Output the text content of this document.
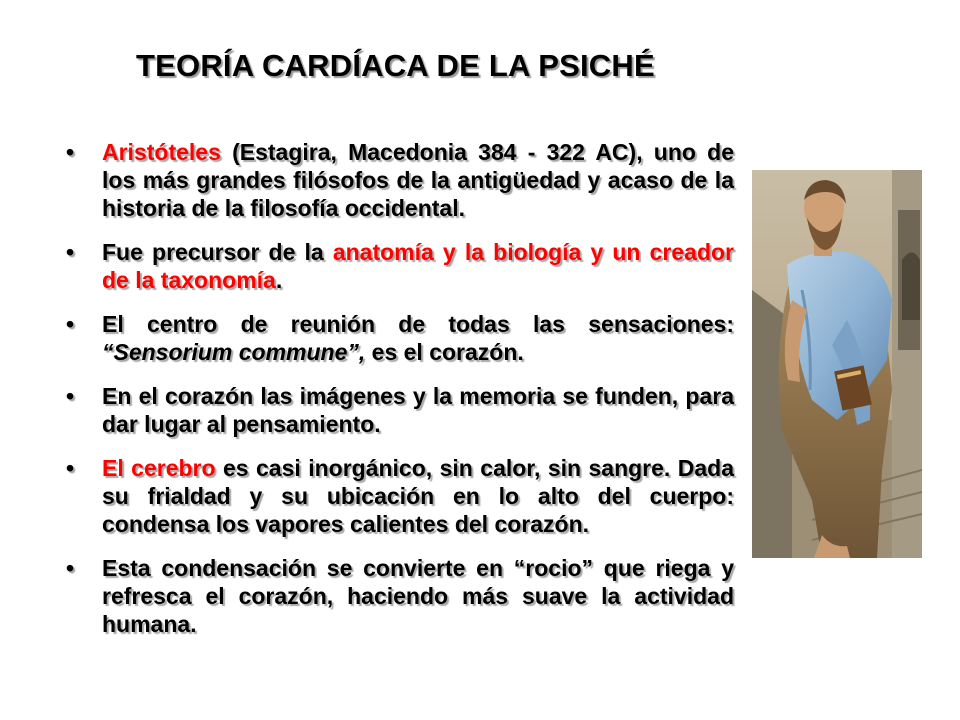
TEORÍA CARDÍACA DE LA PSICHÉ
•	Aristóteles (Estagira, Macedonia 384 - 322 AC), uno de los más grandes filósofos de la antigüedad y acaso de la historia de la filosofía occidental.
•	Fue precursor de la anatomía y la biología y un creador de la taxonomía.
•	El centro de reunión de todas las sensaciones: “Sensorium commune”, es el corazón.
•	En el corazón las imágenes y la memoria se funden, para dar lugar al pensamiento.
•	El cerebro es casi inorgánico, sin calor, sin sangre. Dada su frialdad y su ubicación en lo alto del cuerpo: condensa los vapores calientes del corazón.
•	Esta condensación se convierte en “rocio” que riega y refresca el corazón, haciendo más suave la actividad humana.
